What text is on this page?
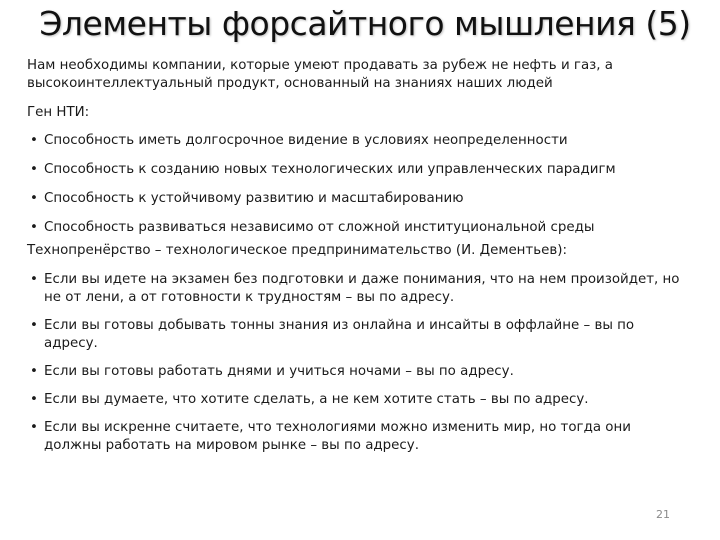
Элементы форсайтного мышления (5)

Нам необходимы компании, которые умеют продавать за рубеж не нефть и газ, а высокоинтеллектуальный продукт, основанный на знаниях наших людей

Ген НТИ:

• Способность иметь долгосрочное видение в условиях неопределенности
• Способность к созданию новых технологических или управленческих парадигм
• Способность к устойчивому развитию и масштабированию
• Способность развиваться независимо от сложной институциональной среды

Технопренёрство – технологическое предпринимательство (И. Дементьев):

• Если вы идете на экзамен без подготовки и даже понимания, что на нем произойдет, но не от лени, а от готовности к трудностям – вы по адресу.
• Если вы готовы добывать тонны знания из онлайна и инсайты в оффлайне – вы по адресу.
• Если вы готовы работать днями и учиться ночами – вы по адресу.
• Если вы думаете, что хотите сделать, а не кем хотите стать – вы по адресу.
• Если вы искренне считаете, что технологиями можно изменить мир, но тогда они должны работать на мировом рынке – вы по адресу.
21
